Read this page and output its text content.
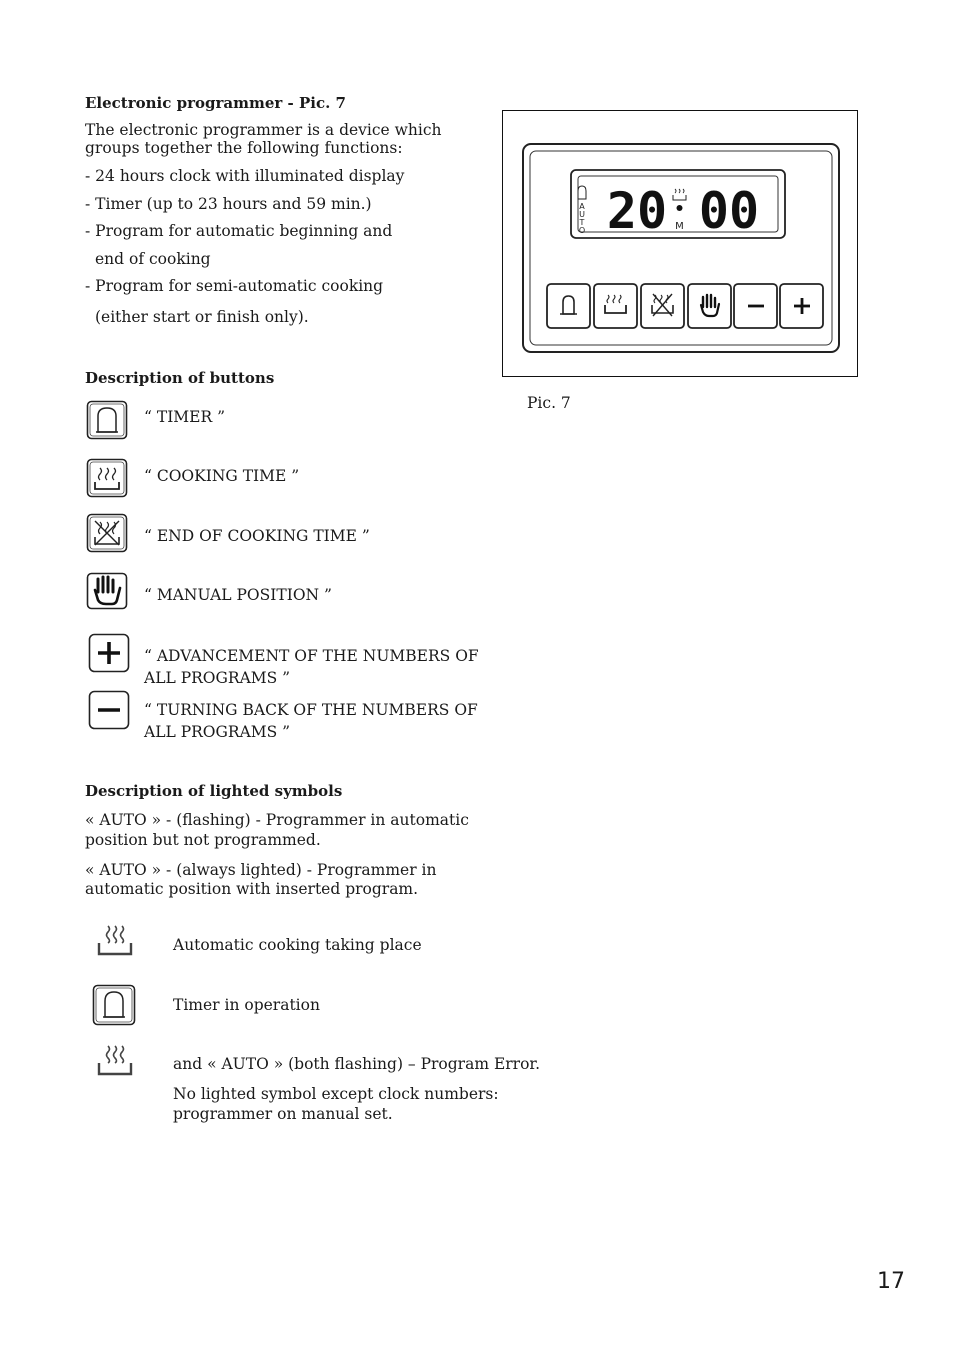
Electronic programmer - Pic. 7
The electronic programmer is a device which
groups together the following functions:
- 24 hours clock with illuminated display
- Timer (up to 23 hours and 59 min.)
- Program for automatic beginning and
end of cooking
- Program for semi-automatic cooking
(either start or finish only).
Description of buttons
“ TIMER ”
“ COOKING TIME ”
“ END OF COOKING TIME ”
“ MANUAL POSITION ”
“ ADVANCEMENT OF THE NUMBERS OF
ALL PROGRAMS ”
“ TURNING BACK OF THE NUMBERS OF
ALL PROGRAMS ”
Description of lighted symbols
« AUTO » - (flashing) - Programmer in automatic
position but not programmed.
« AUTO » - (always lighted) - Programmer in
automatic position with inserted program.
Automatic cooking taking place
Timer in operation
and « AUTO » (both flashing) – Program Error.
No lighted symbol except clock numbers:
programmer on manual set.
A
U
T
O 20 M 00
Pic. 7
17
